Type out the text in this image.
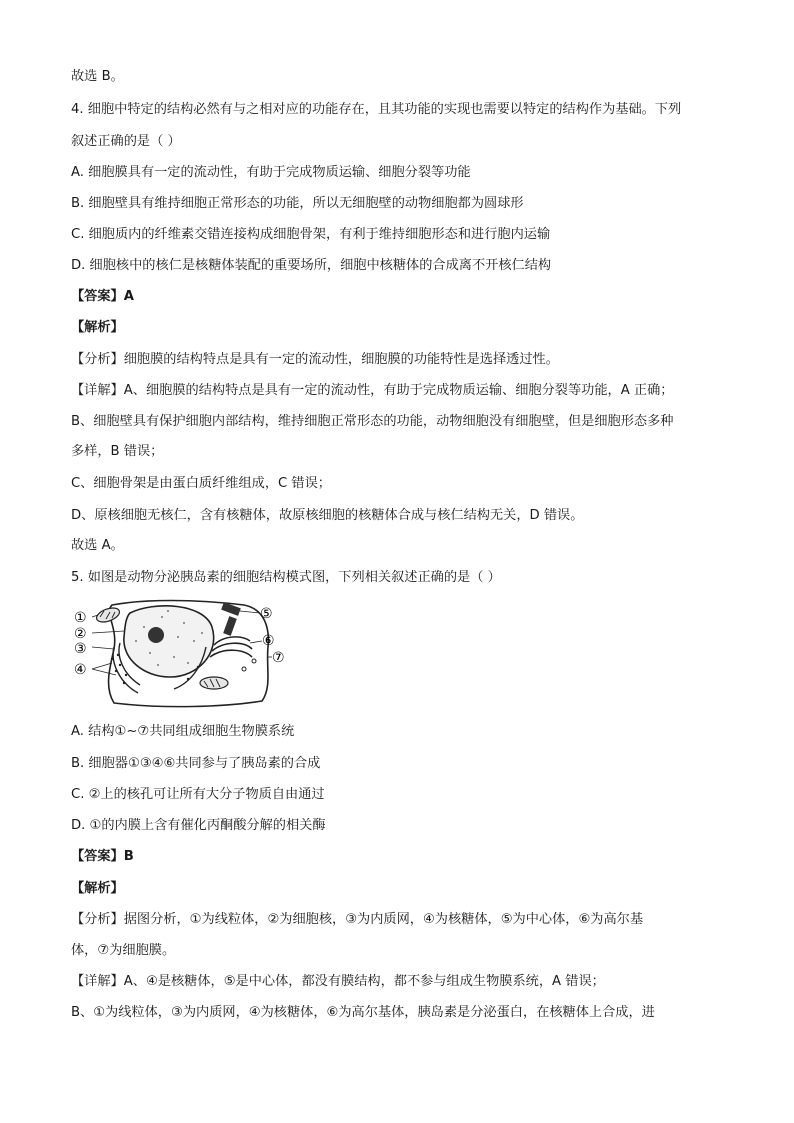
故选 B。
4. 细胞中特定的结构必然有与之相对应的功能存在，且其功能的实现也需要以特定的结构作为基础。下列
叙述正确的是（ ）
A. 细胞膜具有一定的流动性，有助于完成物质运输、细胞分裂等功能
B. 细胞壁具有维持细胞正常形态的功能，所以无细胞壁的动物细胞都为圆球形
C. 细胞质内的纤维素交错连接构成细胞骨架，有利于维持细胞形态和进行胞内运输
D. 细胞核中的核仁是核糖体装配的重要场所，细胞中核糖体的合成离不开核仁结构
【答案】A
【解析】
【分析】细胞膜的结构特点是具有一定的流动性，细胞膜的功能特性是选择透过性。
【详解】A、细胞膜的结构特点是具有一定的流动性，有助于完成物质运输、细胞分裂等功能，A 正确；
B、细胞壁具有保护细胞内部结构，维持细胞正常形态的功能，动物细胞没有细胞壁，但是细胞形态多种
多样，B 错误；
C、细胞骨架是由蛋白质纤维组成，C 错误；
D、原核细胞无核仁，含有核糖体，故原核细胞的核糖体合成与核仁结构无关，D 错误。
故选 A。
5. 如图是动物分泌胰岛素的细胞结构模式图，下列相关叙述正确的是（ ）
①
②
③
④
⑤
⑥
⑦
A. 结构①~⑦共同组成细胞生物膜系统
B. 细胞器①③④⑥共同参与了胰岛素的合成
C. ②上的核孔可让所有大分子物质自由通过
D. ①的内膜上含有催化丙酮酸分解的相关酶
【答案】B
【解析】
【分析】据图分析，①为线粒体，②为细胞核，③为内质网，④为核糖体，⑤为中心体，⑥为高尔基
体，⑦为细胞膜。
【详解】A、④是核糖体，⑤是中心体，都没有膜结构，都不参与组成生物膜系统，A 错误；
B、①为线粒体，③为内质网，④为核糖体，⑥为高尔基体，胰岛素是分泌蛋白，在核糖体上合成，进
